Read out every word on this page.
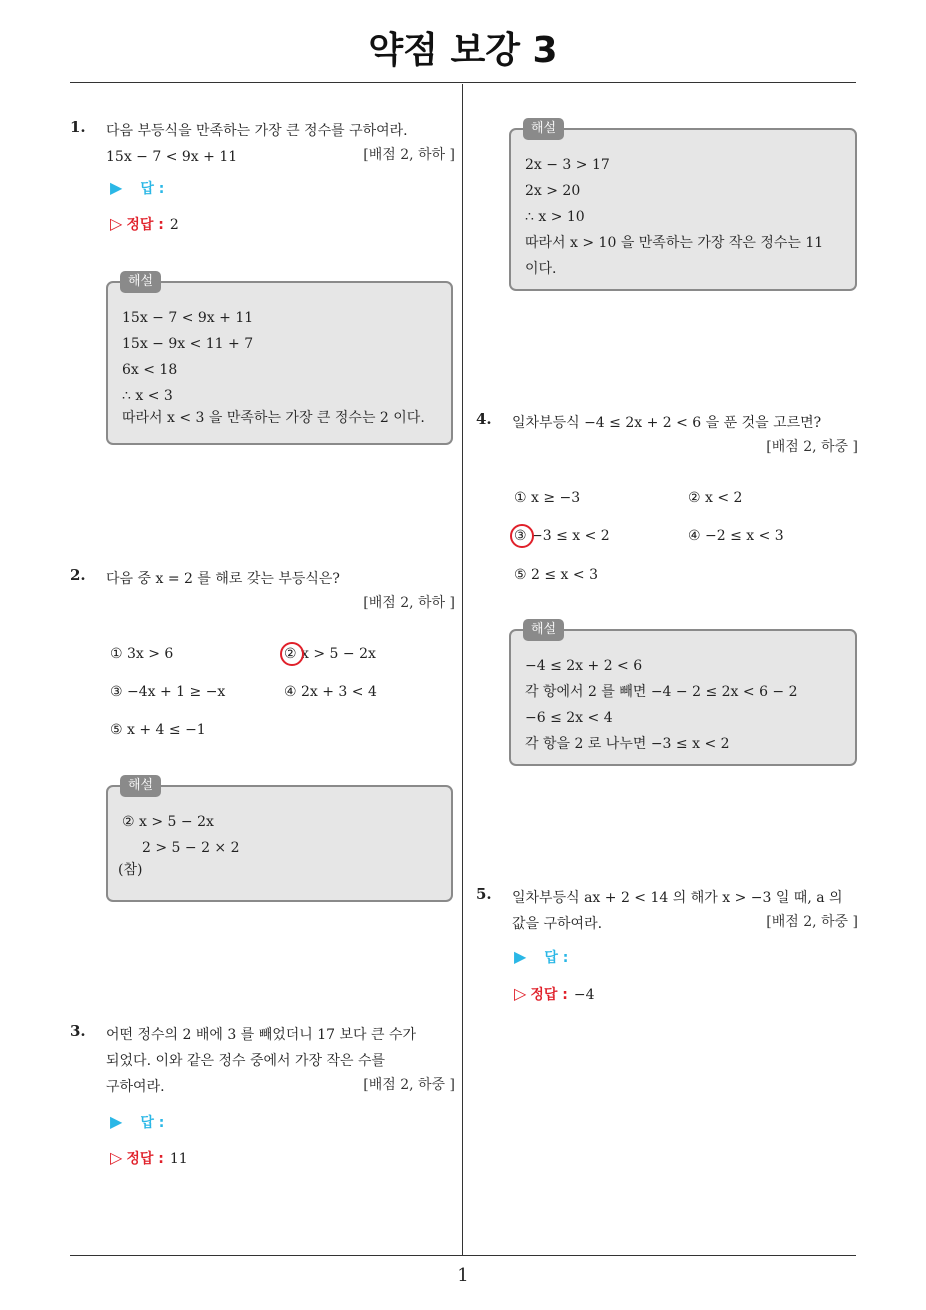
약점 보강 3
1
1. 다음 부등식을 만족하는 가장 큰 정수를 구하여라.
15x − 7 < 9x + 11	[배점 2, 하하 ]
▶ 답 :
▷ 정답 : 2
해설
15x − 7 < 9x + 11
15x − 9x < 11 + 7
6x < 18
∴ x < 3
따라서 x < 3 을 만족하는 가장 큰 정수는 2 이다.
2. 다음 중 x = 2 를 해로 갖는 부등식은?
[배점 2, 하하 ]
① 3x > 6	② x > 5 − 2x
③ −4x + 1 ≥ −x	④ 2x + 3 < 4
⑤ x + 4 ≤ −1
해설
② x > 5 − 2x
2 > 5 − 2 × 2
(참)
3. 어떤 정수의 2 배에 3 를 빼었더니 17 보다 큰 수가
되었다. 이와 같은 정수 중에서 가장 작은 수를
구하여라.	[배점 2, 하중 ]
▶ 답 :
▷ 정답 : 11
해설
2x − 3 > 17
2x > 20
∴ x > 10
따라서 x > 10 을 만족하는 가장 작은 정수는 11
이다.
4. 일차부등식 −4 ≤ 2x + 2 < 6 을 푼 것을 고르면?
[배점 2, 하중 ]
① x ≥ −3	② x < 2
③ −3 ≤ x < 2	④ −2 ≤ x < 3
⑤ 2 ≤ x < 3
해설
−4 ≤ 2x + 2 < 6
각 항에서 2 를 빼면 −4 − 2 ≤ 2x < 6 − 2
−6 ≤ 2x < 4
각 항을 2 로 나누면 −3 ≤ x < 2
5. 일차부등식 ax + 2 < 14 의 해가 x > −3 일 때, a 의
값을 구하여라.	[배점 2, 하중 ]
▶ 답 :
▷ 정답 : −4
